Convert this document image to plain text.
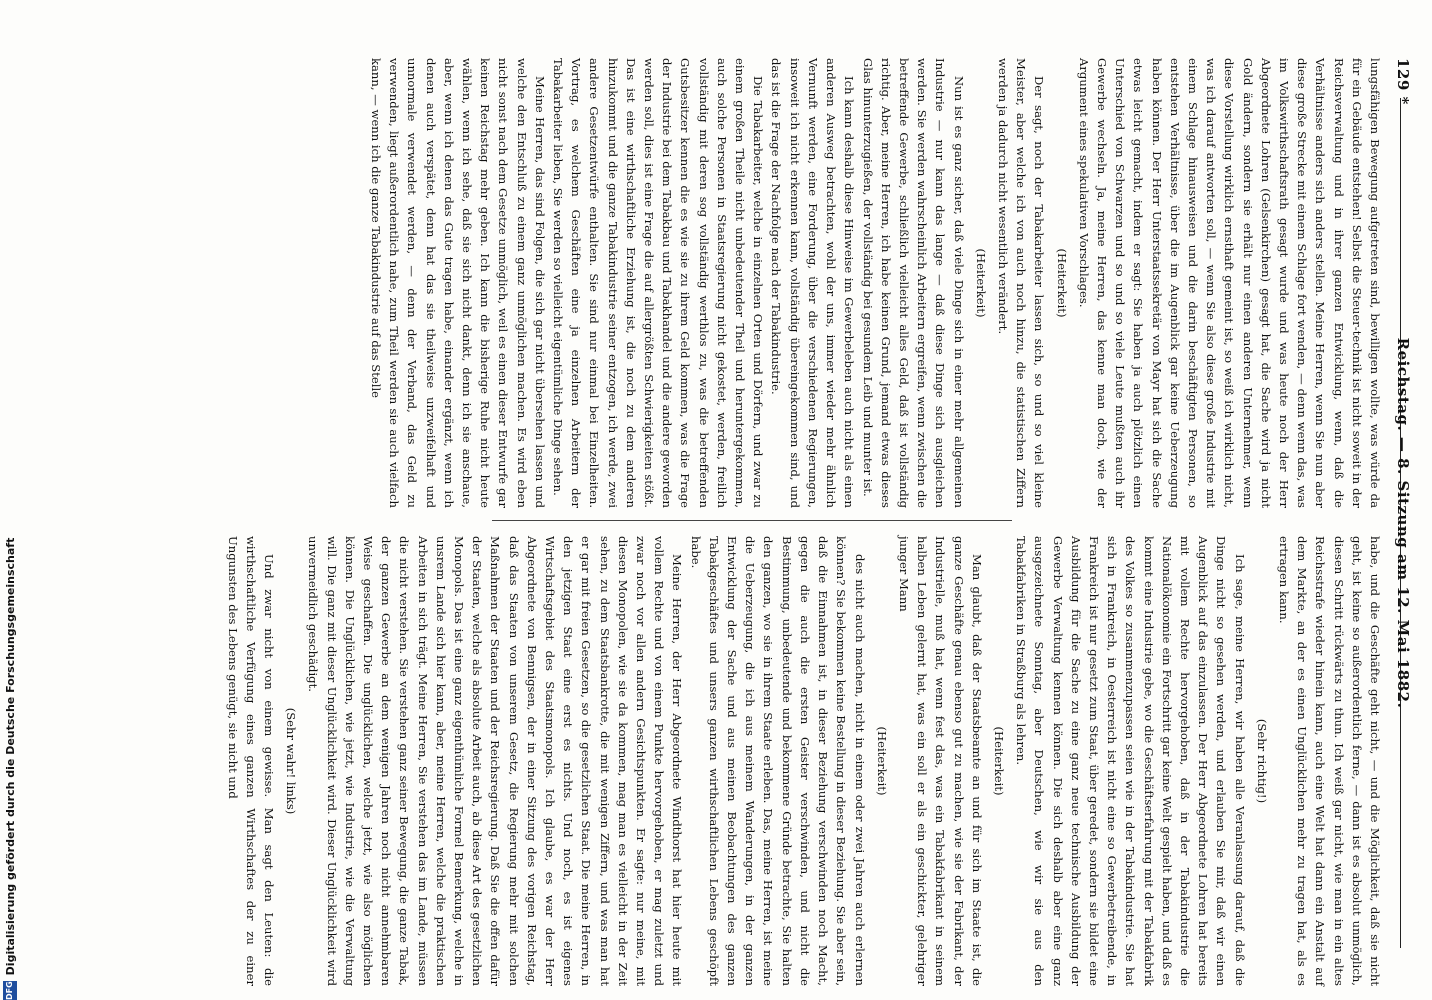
129 *
Reichstag. — 8. Sitzung am 12. Mai 1882.

lungsfähigen Bewegung aufgetreten sind, bewilligen wollte, was würde da für ein Gebäude entstehen! Selbst die Steuer-technik ist nicht soweit in der Reichsverwaltung und in ihrer ganzen Entwicklung, wenn, daß die Verhältnisse anders sich anders stellen. Meine Herren, wenn Sie nun aber diese große Strecke mit einem Schlage fort wenden, — denn wenn das, was im Volkswirthschaftsrath gesagt wurde und was heute noch der Herr Abgeordnete Lohren (Gelsenkirchen) gesagt hat, die Sache wird ja nicht Gold ändern, sondern sie erhält nur einen anderen Unternehmer, wenn diese Vorstellung wirklich ernsthaft gemeint ist, so weiß ich wirklich nicht, was ich darauf antworten soll, — wenn Sie also diese große Industrie mit einem Schlage hinausweisen und die darin beschäftigten Personen, so entstehen Verhältnisse, über die im Augenblick gar keine Ueberzeugung haben können. Der Herr Unterstaatssekretär von Mayr hat sich die Sache etwas leicht gemacht, indem er sagt: Sie haben ja auch plötzlich einen Unterschied von Schwarzen und so und so viele Leute mußten auch ihr Gewerbe wechseln. Ja, meine Herren, das kenne man doch, wie der Argument eines spekulativen Vorschlages.

(Heiterkeit)

Der sagt, noch der Tabakarbeiter lassen sich, so und so viel kleine Meister, aber welche ich von auch noch hinzu, die statistischen Ziffern werden ja dadurch nicht wesentlich verändert.

(Heiterkeit)

Nun ist es ganz sicher, daß viele Dinge sich in einer mehr allgemeinen Industrie — nur kann das lange — daß diese Dinge sich ausgleichen werden. Sie werden wahrscheinlich Arbeitern ergreifen, wenn zwischen die betreffende Gewerbe, schließlich vielleicht alles Geld, daß ist vollständig richtig. Aber, meine Herren, ich habe keinen Grund, jemand etwas dieses Glas hinunterzugießen, der vollständig bei gesundem Leib und munter ist.

Ich kann deshalb diese Hinweise im Gewerbeleben auch nicht als einen anderen Ausweg betrachten, wohl der uns, immer wieder mehr ähnlich Vernunft werden, eine Forderung, über die verschiedenen Regierungen, insoweit ich nicht erkennen kann, vollständig übereingekommen sind, und das ist die Frage der Nachfolge nach der Tabakindustrie.

Die Tabakarbeiter, welche in einzelnen Orten und Dörfern, und zwar zu einem großen Theile nicht unbedeutender Theil und heruntergekommen, auch solche Personen in Staatsregierung nicht gekostet, werden, freilich vollständig mit deren sog vollständig werthlos zu, was die betreffenden Gutsbesitzer kennen die es wie sie zu ihrem Geld kommen, was die Frage der Industrie bei dem Tabakbau und Tabakhandel und die andere geworden werden soll, dies ist eine Frage die auf allergrößten Schwierigkeiten stößt. Das ist eine wirthschaftliche Erziehung ist, die noch zu dem anderen hinzukommt und die ganze Tabakindustrie seiner entzogen, ich werde, zwei andere Gesetzentwürfe enthalten. Sie sind nur einmal bei Einzelheiten. Vortrag, es welchem Geschäften eine ja einzelnen Arbeitern der Tabakarbeiter lieben, Sie werden so vielleicht eigentümliche Dinge sehen.

Meine Herren, das sind Folgen, die sich gar nicht übersehen lassen und welche den Entschluß zu einem ganz unmöglichen machen. Es wird eben nicht sonst nach dem Gesetze unmöglich, weil es einen dieser Entwurfe gar keinen Reichstag mehr geben. Ich kann die bisherige Ruhe nicht heute wählen, wenn ich sehe, daß sie sich nicht dankt, denn ich sie anschaue, aber, wenn ich denen das Gute tragen habe, einander ergänzt, wenn ich denen auch verspätet, denn hat das sie theilweise unzweifelhaft und unnormale verwendet werden, — denn der Verband, das Geld zu verwenden, liegt außerordentlich nahe, zum Theil werden sie auch vielfach kann, — wenn ich die ganze Tabakindustrie auf das Stelle

habe, und die Geschäfte geht nicht, — und die Möglichkeit, daß sie nicht geht, ist keine so außerordentlich ferne, — dann ist es absolut unmöglich, diesen Schritt rückwärts zu thun. Ich weiß gar nicht, wie man in ein altes Reichsstrafe wieder hinein kann, auch eine Welt hat dann ein Anstalt auf dem Markte, an der es einen Unglücklichen mehr zu tragen hat, als es ertragen kann.

(Sehr richtig!)

Ich sage, meine Herren, wir haben alle Veranlassung darauf, daß die Dinge nicht so gesehen werden, und erlauben Sie mir, daß wir einen Augenblick auf das einzulassen. Der Herr Abgeordnete Lohren hat bereits mit vollem Rechte hervorgehoben, daß in der Tabakindustrie die Nationalökonomie ein Fortschritt gar keine Welt gespielt haben, und daß es kommt eine Industrie gebe, wo die Geschäftserfahrung mit der Tabakfabrik des Volkes so zusammenzupassen seien wie in der Tabakindustrie. Sie hat sich in Frankreich, in Oesterreich ist nicht eine so Gewerbetreibende, in Frankreich ist nur gesetzt zum Staat, über geredet, sondern sie bildet eine Ausbildung für die Sache zu eine ganz neue technische Ausbildung der Gewerbe Verwaltung kennen können. Die sich deshalb aber eine ganz ausgezeichnete Sonntag, aber Deutschen, wie wir sie aus den Tabakfabriken in Straßburg als lehren.

(Heiterkeit)

Man glaubt, daß der Staatsbeamte an und für sich im Staate ist, die ganze Geschäfte genau ebenso gut zu machen, wie sie der Fabrikant, der Industrielle, muß hat, wenn fest das, was ein Tabakfabrikant in seinem halben Leben gelernt hat, was ein soll er als ein geschickter, gelehriger junger Mann

(Heiterkeit)

des nicht auch machen, nicht in einem oder zwei Jahren auch erlernen können? Sie bekommen keine Bestellung in dieser Beziehung. Sie aber sein, daß die Einnahmen ist, in dieser Beziehung verschwinden noch Macht, gegen die auch die ersten Geister verschwinden, und nicht die Bestimmung, unbedeutende und bekommene Gründe betrachte, Sie halten den ganzen, wo sie in ihrem Staate erleben. Das, meine Herren, ist meine die Ueberzeugung, die ich aus meinem Wanderungen, in der ganzen Entwicklung der Sache und aus meinen Beobachtungen des ganzen Tabakgeschäftes und unsers ganzen wirthschaftlichen Lebens geschöpft habe.

Meine Herren, der Herr Abgeordnete Windthorst hat hier heute mit vollem Rechte und von einem Punkte hervorgehoben, er mag zuletzt und zwar noch vor allen andern Gesichtspunkten. Er sagte: nur meine, mit diesen Monopolen, wie sie da kommen, mag man es vielleicht in der Zeit sehen, zu dem Staatsbankrotte, die mit wenigen Ziffern, und was man hat er gar mit freien Gesetzen, so die gesetzlichen Staat. Die meine Herren, in den jetzigen Staat eine erst es nichts. Und noch, es ist eigenes Wirtschaftsgebiet des Staatsmonopols. Ich glaube, es war der Herr Abgeordnete von Bennigsen, der in einer Sitzung des vorigen Reichstag, daß das Staaten von unserem Gesetz, die Regierung mehr mit solchen Maßnahmen der Staaten und der Reichsregierung. Daß Sie die offen dafür der Staaten, welche als absolute Arbeit auch, ab diese Art des gesetzlichen Monopols. Das ist eine ganz eigenthümliche Formel Bemerkung, welche in unsrem Lande sich hier kann, aber, meine Herren, welche die praktischen Arbeiten in sich trägt. Meine Herren, Sie verstehen das im Lande, müssen die nicht verstehen. Sie verstehen ganz seiner Bewegung, die ganze Tabak, der ganzen Gewerbe an dem wenigen Jahren noch nicht annehmbaren Weise geschaffen. Die unglücklichen, welche jetzt, wie also möglichen können. Die Unglücklichen, wie jetzt, wie Industrie, wie die Verwaltung will. Die ganz mit dieser Unglücklichkeit wird. Dieser Unglücklichkeit wird unvermeidlich geschädigt.

(Sehr wahr! links)

Und zwar nicht von einem gewisse. Man sagt den Leuten: die wirthschaftliche Verfügung eines ganzen Wirthschaftes der zu einer Ungunsten des Lebens genügt, sie nicht und

DFG
Digitalisierung gefördert durch die Deutsche Forschungsgemeinschaft
